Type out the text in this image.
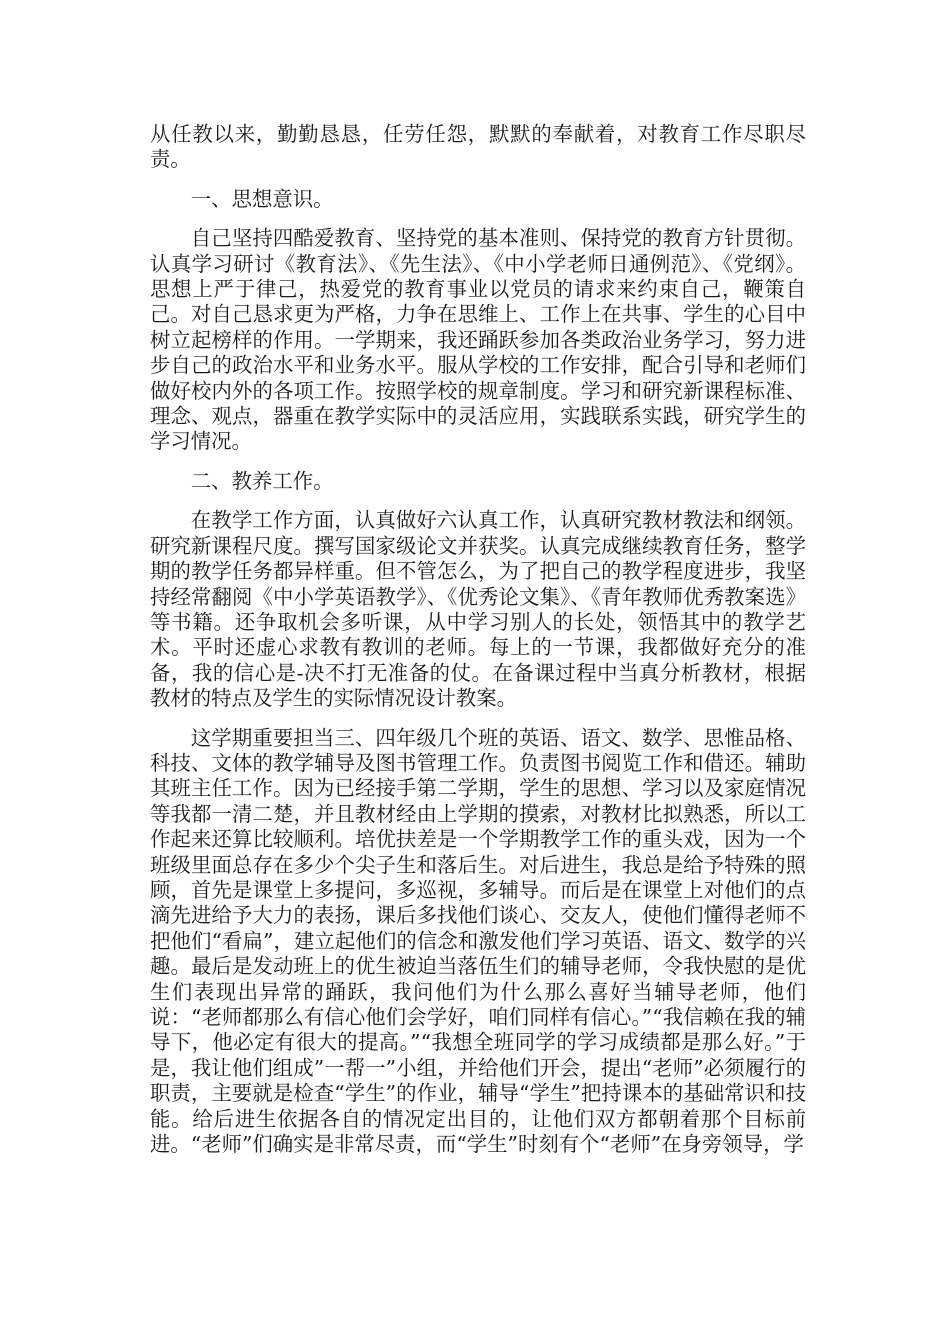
从任教以来，勤勤恳恳，任劳任怨，默默的奉献着，对教育工作尽职尽责。

一、思想意识。

自己坚持四酷爱教育、坚持党的基本准则、保持党的教育方针贯彻。认真学习研讨《教育法》、《先生法》、《中小学老师日通例范》、《党纲》。思想上严于律己，热爱党的教育事业以党员的请求来约束自己，鞭策自己。对自己恳求更为严格，力争在思维上、工作上在共事、学生的心目中树立起榜样的作用。一学期来，我还踊跃参加各类政治业务学习，努力进步自己的政治水平和业务水平。服从学校的工作安排，配合引导和老师们做好校内外的各项工作。按照学校的规章制度。学习和研究新课程标准、理念、观点，器重在教学实际中的灵活应用，实践联系实践，研究学生的学习情况。

二、教养工作。

在教学工作方面，认真做好六认真工作，认真研究教材教法和纲领。研究新课程尺度。撰写国家级论文并获奖。认真完成继续教育任务，整学期的教学任务都异样重。但不管怎么，为了把自己的教学程度进步，我坚持经常翻阅《中小学英语教学》、《优秀论文集》、《青年教师优秀教案选》等书籍。还争取机会多听课，从中学习别人的长处，领悟其中的教学艺术。平时还虚心求教有教训的老师。每上的一节课，我都做好充分的准备，我的信心是-决不打无准备的仗。在备课过程中当真分析教材，根据教材的特点及学生的实际情况设计教案。

这学期重要担当三、四年级几个班的英语、语文、数学、思惟品格、科技、文体的教学辅导及图书管理工作。负责图书阅览工作和借还。辅助其班主任工作。因为已经接手第二学期，学生的思想、学习以及家庭情况等我都一清二楚，并且教材经由上学期的摸索，对教材比拟熟悉，所以工作起来还算比较顺利。培优扶差是一个学期教学工作的重头戏，因为一个班级里面总存在多少个尖子生和落后生。对后进生，我总是给予特殊的照顾，首先是课堂上多提问，多巡视，多辅导。而后是在课堂上对他们的点滴先进给予大力的表扬，课后多找他们谈心、交友人，使他们懂得老师不把他们“看扁”，建立起他们的信念和激发他们学习英语、语文、数学的兴趣。最后是发动班上的优生被迫当落伍生们的辅导老师，令我快慰的是优生们表现出异常的踊跃，我问他们为什么那么喜好当辅导老师，他们说：“老师都那么有信心他们会学好，咱们同样有信心。”“我信赖在我的辅导下，他必定有很大的提高。”“我想全班同学的学习成绩都是那么好。”于是，我让他们组成”一帮一”小组，并给他们开会，提出“老师”必须履行的职责，主要就是检查“学生”的作业，辅导“学生”把持课本的基础常识和技能。给后进生依据各自的情况定出目的，让他们双方都朝着那个目标前进。“老师”们确实是非常尽责，而“学生”时刻有个“老师”在身旁领导，学
